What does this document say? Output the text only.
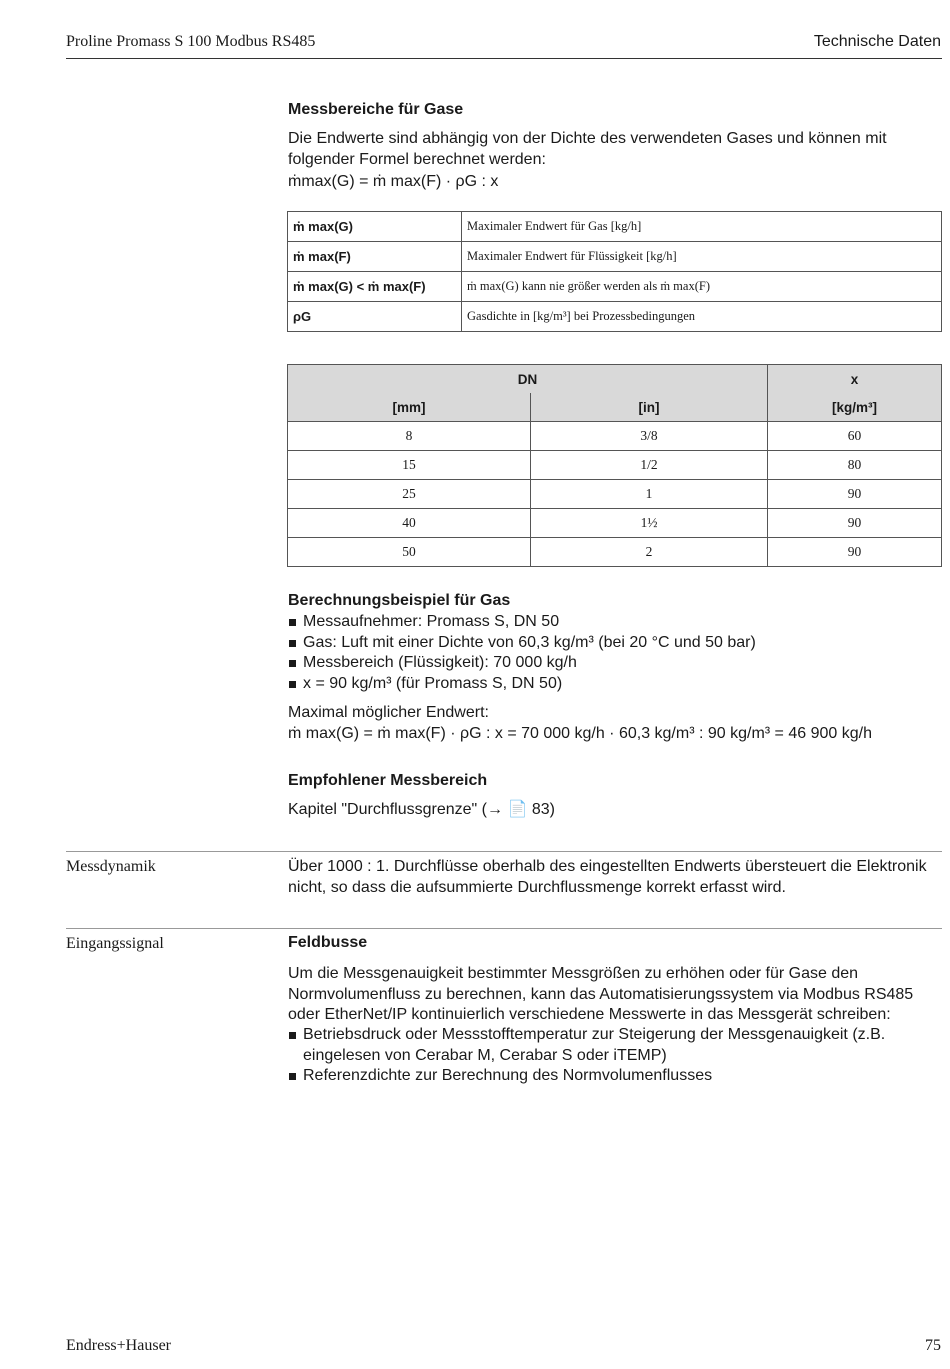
Proline Promass S 100 Modbus RS485	Technische Daten
Messbereiche für Gase
Die Endwerte sind abhängig von der Dichte des verwendeten Gases und können mit folgender Formel berechnet werden:
ṁmax(G) = ṁ max(F) · ρG : x
ṁ max(G)	Maximaler Endwert für Gas [kg/h]
ṁ max(F)	Maximaler Endwert für Flüssigkeit [kg/h]
ṁ max(G) < ṁ max(F)	ṁ max(G) kann nie größer werden als ṁ max(F)
ρG	Gasdichte in [kg/m³] bei Prozessbedingungen
DN		x
[mm]	[in]	[kg/m³]
8	3/8	60
15	1/2	80
25	1	90
40	1½	90
50	2	90
Berechnungsbeispiel für Gas
Messaufnehmer: Promass S, DN 50
Gas: Luft mit einer Dichte von 60,3 kg/m³ (bei 20 °C und 50 bar)
Messbereich (Flüssigkeit): 70 000 kg/h
x = 90 kg/m³ (für Promass S, DN 50)
Maximal möglicher Endwert:
ṁ max(G) = ṁ max(F) · ρG : x = 70 000 kg/h · 60,3 kg/m³ : 90 kg/m³ = 46 900 kg/h
Empfohlener Messbereich
Kapitel "Durchflussgrenze" (→ 📄 83)
Messdynamik	Über 1000 : 1. Durchflüsse oberhalb des eingestellten Endwerts übersteuert die Elektronik nicht, so dass die aufsummierte Durchflussmenge korrekt erfasst wird.
Eingangssignal	Feldbusse
Um die Messgenauigkeit bestimmter Messgrößen zu erhöhen oder für Gase den Normvolumenfluss zu berechnen, kann das Automatisierungssystem via Modbus RS485 oder EtherNet/IP kontinuierlich verschiedene Messwerte in das Messgerät schreiben:
Betriebsdruck oder Messstofftemperatur zur Steigerung der Messgenauigkeit (z.B. eingelesen von Cerabar M, Cerabar S oder iTEMP)
Referenzdichte zur Berechnung des Normvolumenflusses
Endress+Hauser	75
